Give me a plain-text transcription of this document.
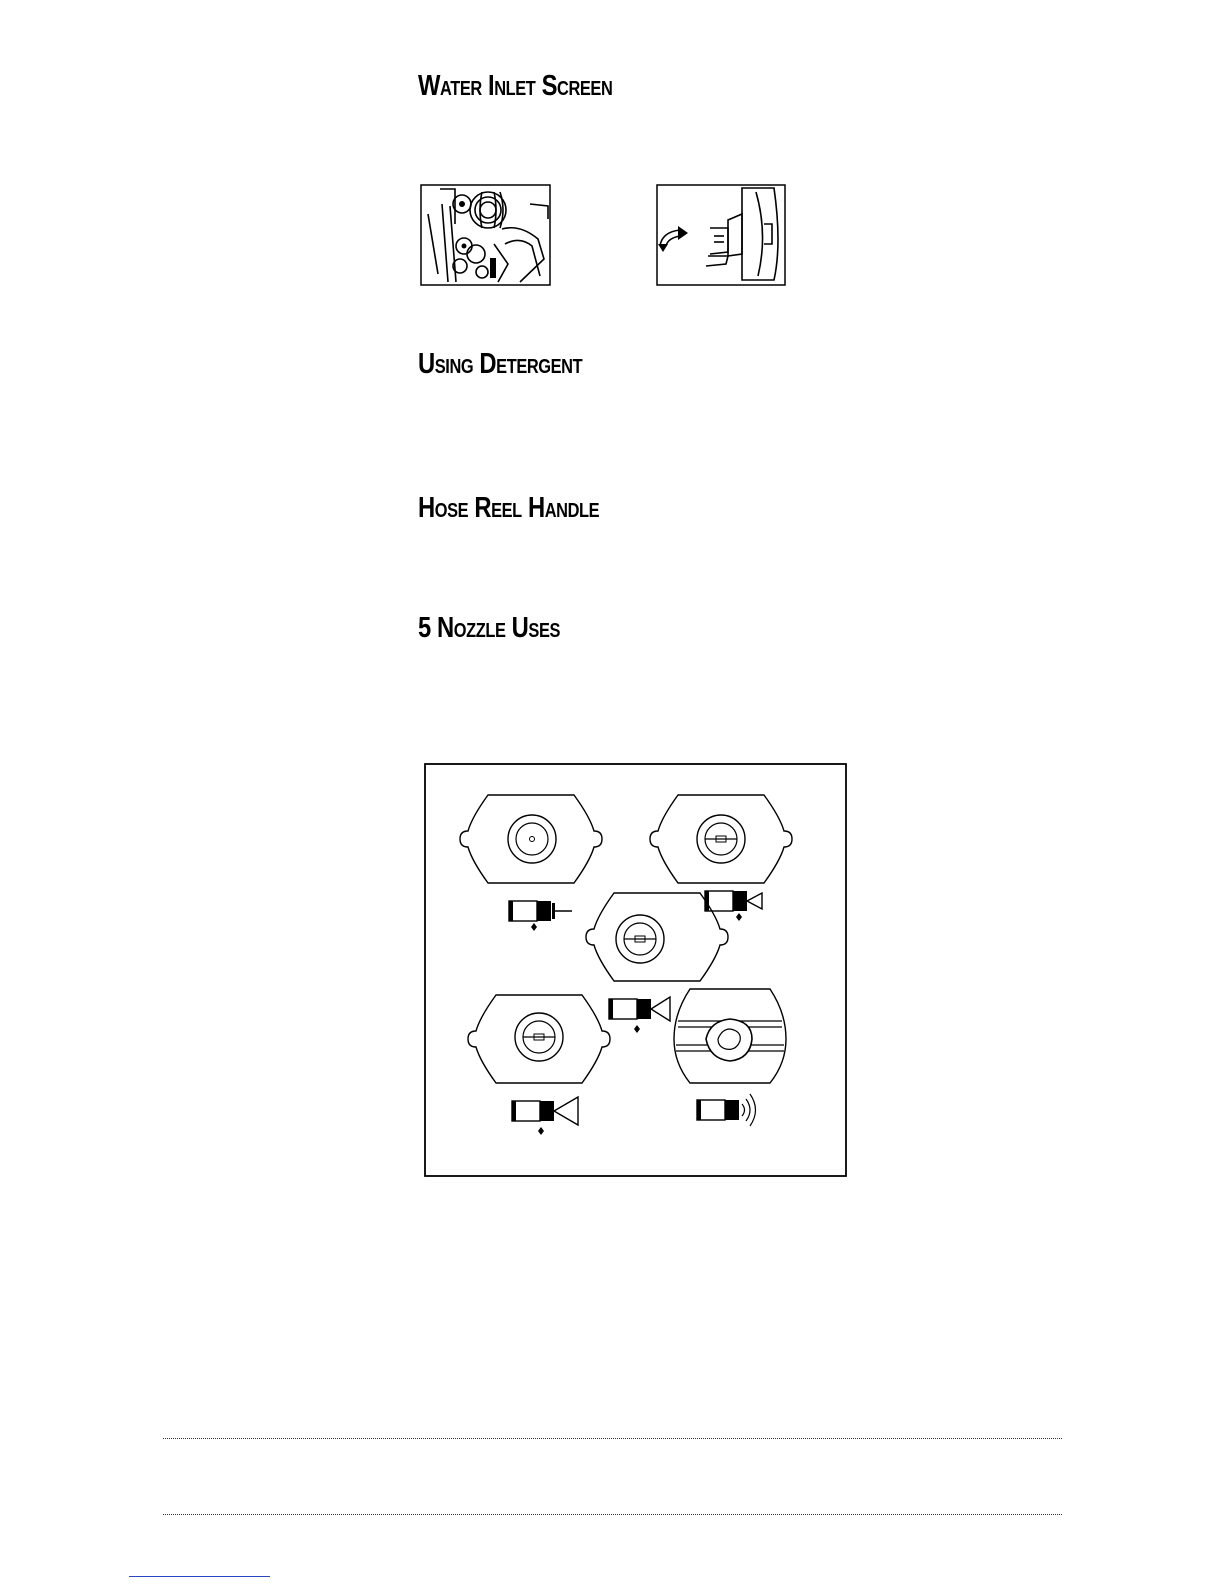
Water Inlet Screen
Using Detergent
Hose Reel Handle
5 Nozzle Uses
